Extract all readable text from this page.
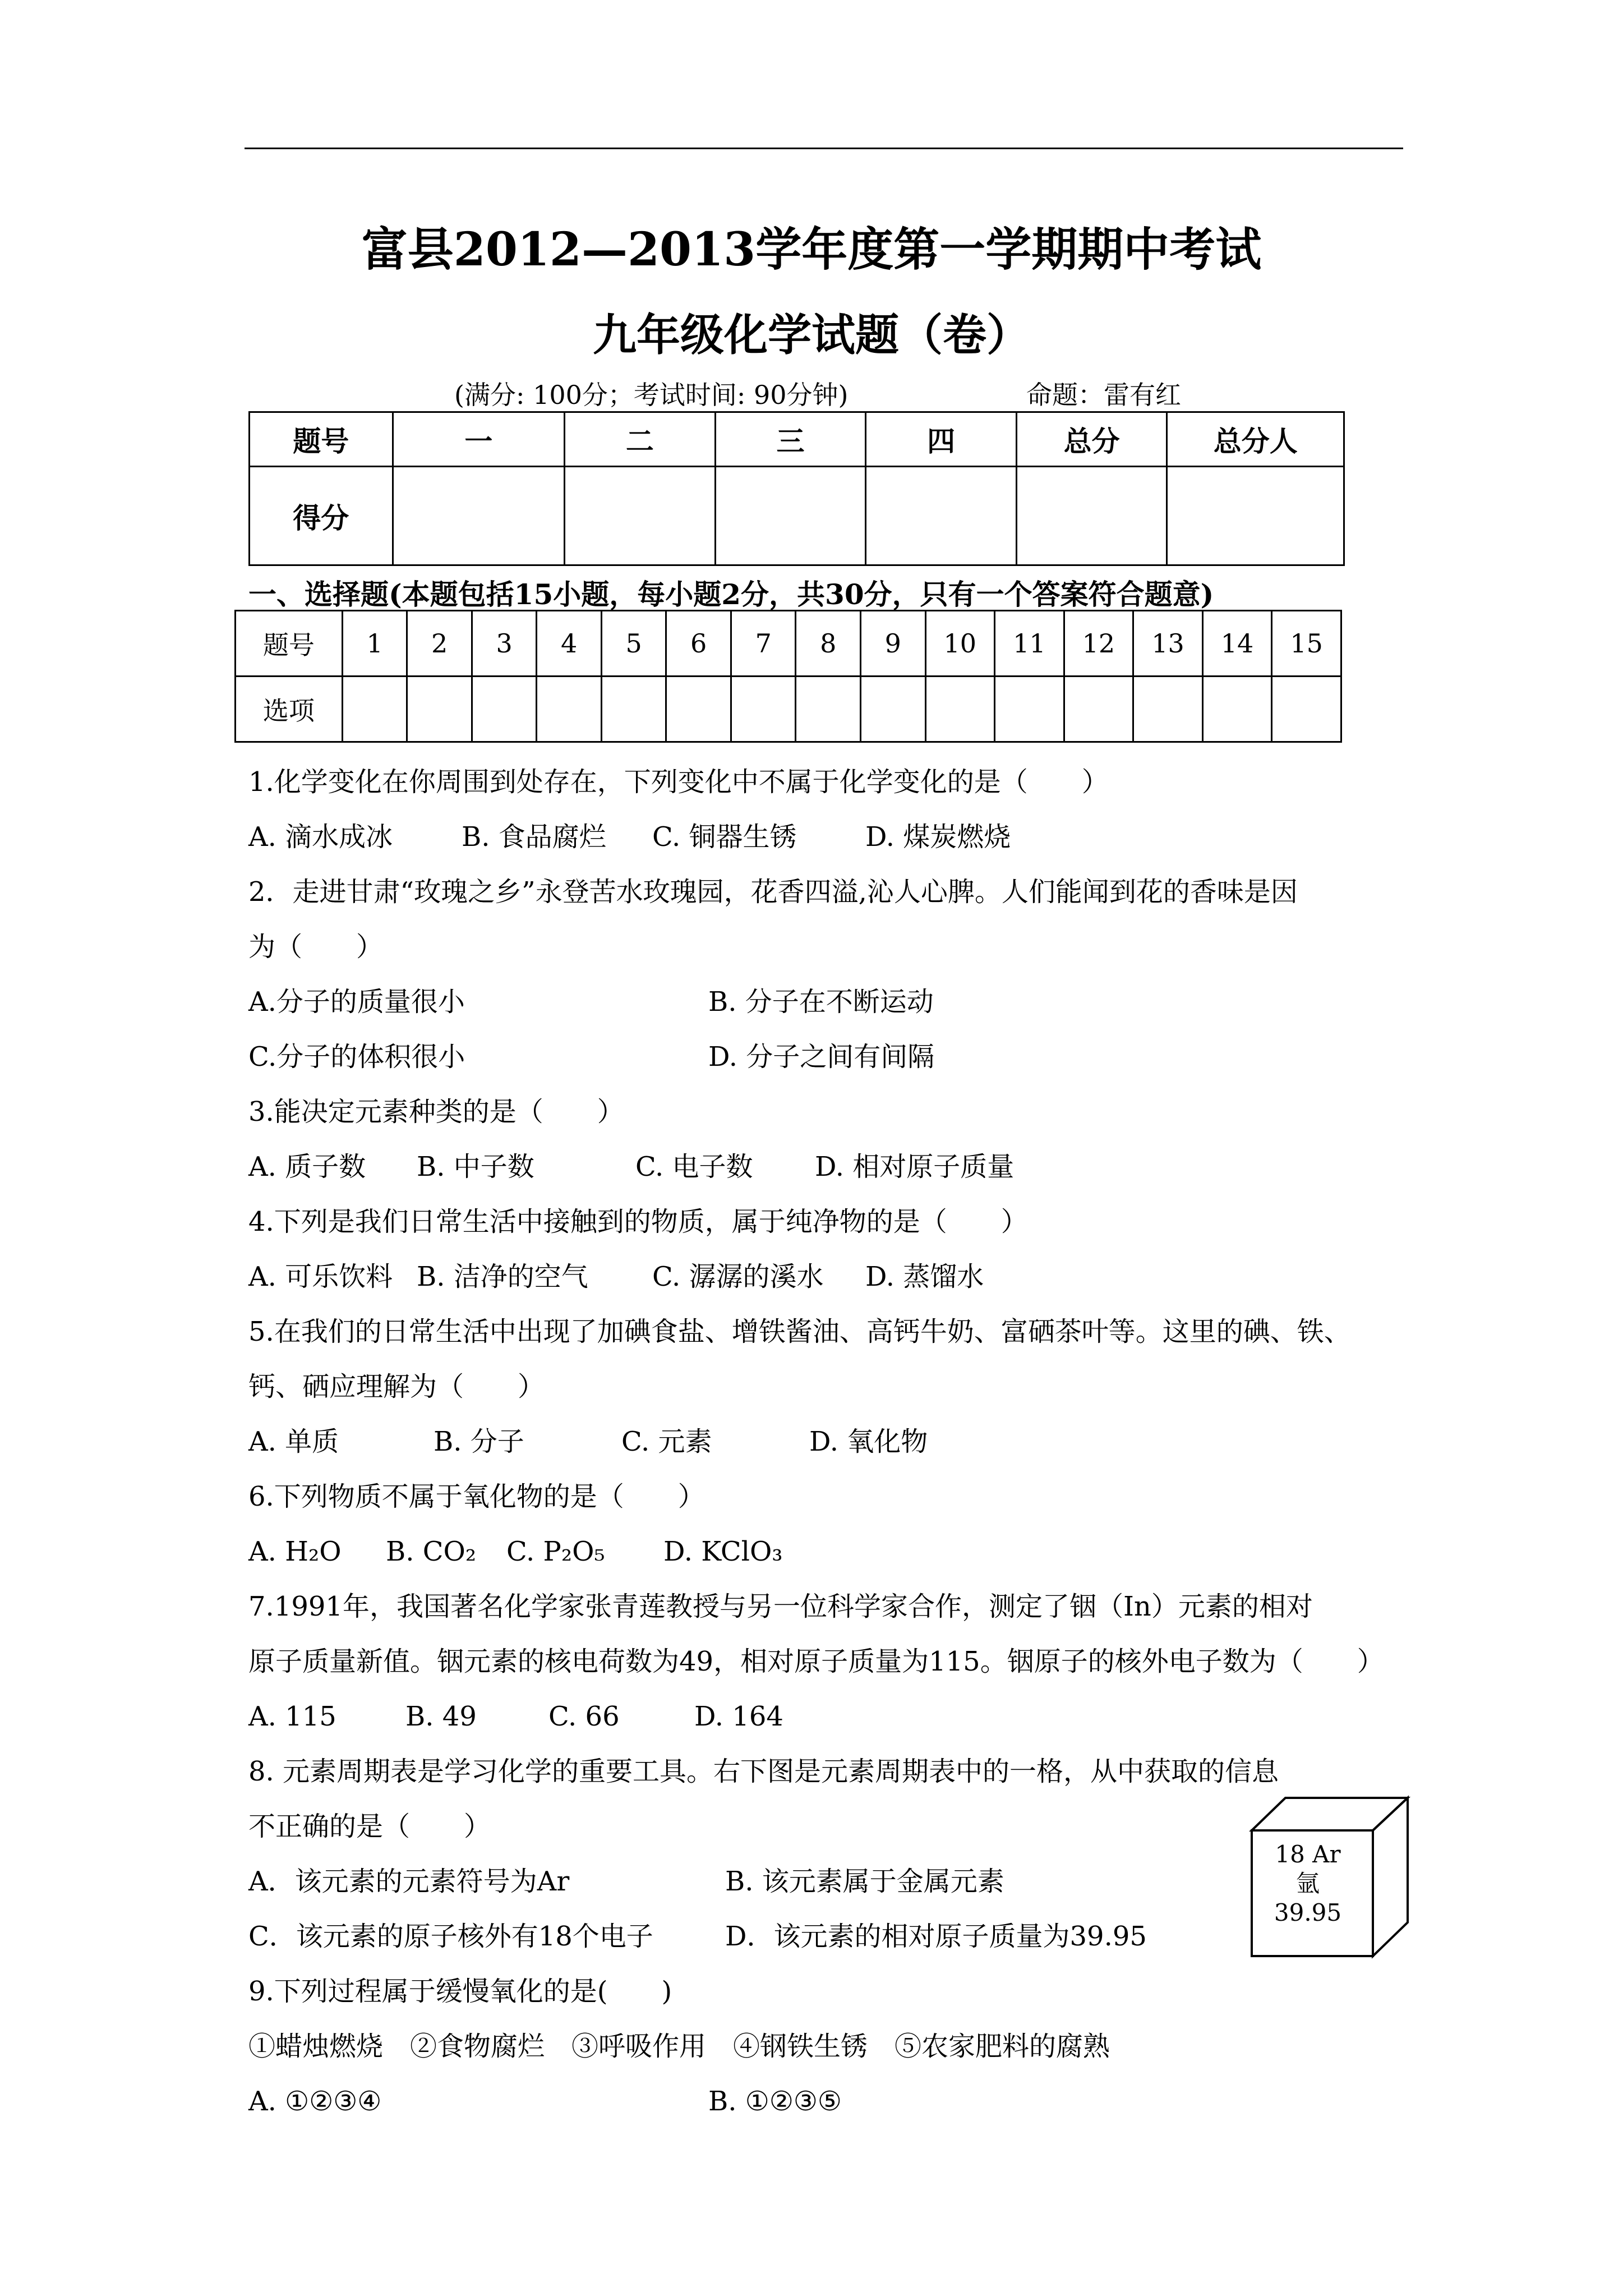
富县2012—2013学年度第一学期期中考试
九年级化学试题（卷）
(满分: 100分；考试时间: 90分钟)	命题：雷有红
题号	一	二	三	四	总分	总分人
得分						
一、选择题(本题包括15小题，每小题2分，共30分，只有一个答案符合题意)
题号	1	2	3	4	5	6	7	8	9	10	11	12	13	14	15
选项															
1.化学变化在你周围到处存在，下列变化中不属于化学变化的是（　　）
A. 滴水成冰	B. 食品腐烂 C. 铜器生锈	D. 煤炭燃烧
2．走进甘肃“玫瑰之乡”永登苦水玫瑰园，花香四溢,沁人心脾。人们能闻到花的香味是因
为（　　）
A.分子的质量很小	B. 分子在不断运动
C.分子的体积很小	D. 分子之间有间隔
3.能决定元素种类的是（　　）
A. 质子数 B. 中子数	C. 电子数 D. 相对原子质量
4.下列是我们日常生活中接触到的物质，属于纯净物的是（　　）
A. 可乐饮料 B. 洁净的空气 C. 潺潺的溪水 D. 蒸馏水
5.在我们的日常生活中出现了加碘食盐、增铁酱油、高钙牛奶、富硒茶叶等。这里的碘、铁、
钙、硒应理解为（　　）
A. 单质	B. 分子	C. 元素	D. 氧化物
6.下列物质不属于氧化物的是（　　）
A. H₂O B. CO₂ C. P₂O₅ D. KClO₃
7.1991年，我国著名化学家张青莲教授与另一位科学家合作，测定了铟（In）元素的相对
原子质量新值。铟元素的核电荷数为49，相对原子质量为115。铟原子的核外电子数为（　　）
A. 115	B. 49	C. 66	D. 164
8. 元素周期表是学习化学的重要工具。右下图是元素周期表中的一格，从中获取的信息
不正确的是（　　）
A．该元素的元素符号为Ar	B. 该元素属于金属元素
C．该元素的原子核外有18个电子	D．该元素的相对原子质量为39.95
9.下列过程属于缓慢氧化的是(　　)
①蜡烛燃烧　②食物腐烂　③呼吸作用　④钢铁生锈　⑤农家肥料的腐熟
A. ①②③④	B. ①②③⑤
18 Ar
氩
39.95
